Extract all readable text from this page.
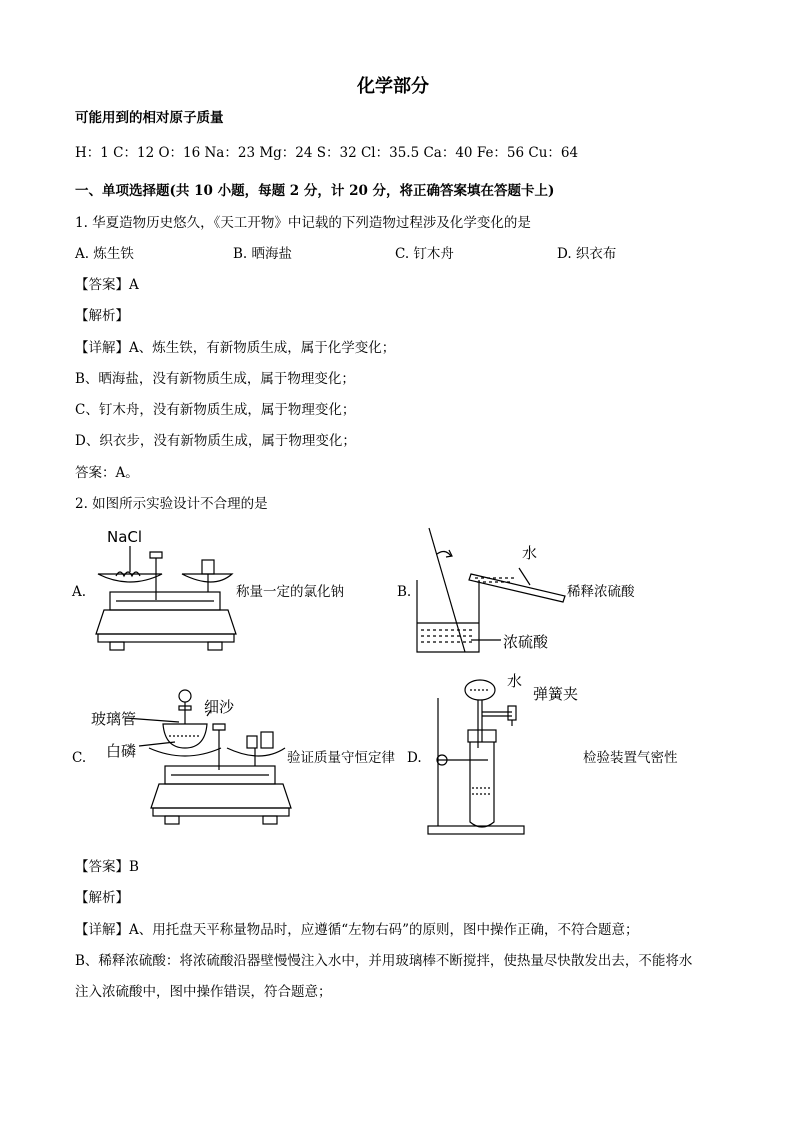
化学部分
可能用到的相对原子质量
H：1 C：12 O：16 Na：23 Mg：24 S：32 Cl：35.5 Ca：40 Fe：56 Cu：64
一、单项选择题(共 10 小题，每题 2 分，计 20 分，将正确答案填在答题卡上)
1. 华夏造物历史悠久，《天工开物》中记载的下列造物过程涉及化学变化的是
A. 炼生铁	B. 晒海盐	C. 钉木舟	D. 织衣布
【答案】A
【解析】
【详解】A、炼生铁，有新物质生成，属于化学变化；
B、晒海盐，没有新物质生成，属于物理变化；
C、钉木舟，没有新物质生成，属于物理变化；
D、织衣步，没有新物质生成，属于物理变化；
答案：A。
2. 如图所示实验设计不合理的是
A.
NaCl
称量一定的氯化钠	B.
水
稀释浓硫酸
浓硫酸
C.
玻璃管
细沙
白磷	验证质量守恒定律 D.
水
弹簧夹
检验装置气密性
【答案】B
【解析】
【详解】A、用托盘天平称量物品时，应遵循“左物右码”的原则，图中操作正确，不符合题意；
B、稀释浓硫酸：将浓硫酸沿器壁慢慢注入水中，并用玻璃棒不断搅拌，使热量尽快散发出去，不能将水
注入浓硫酸中，图中操作错误，符合题意；
